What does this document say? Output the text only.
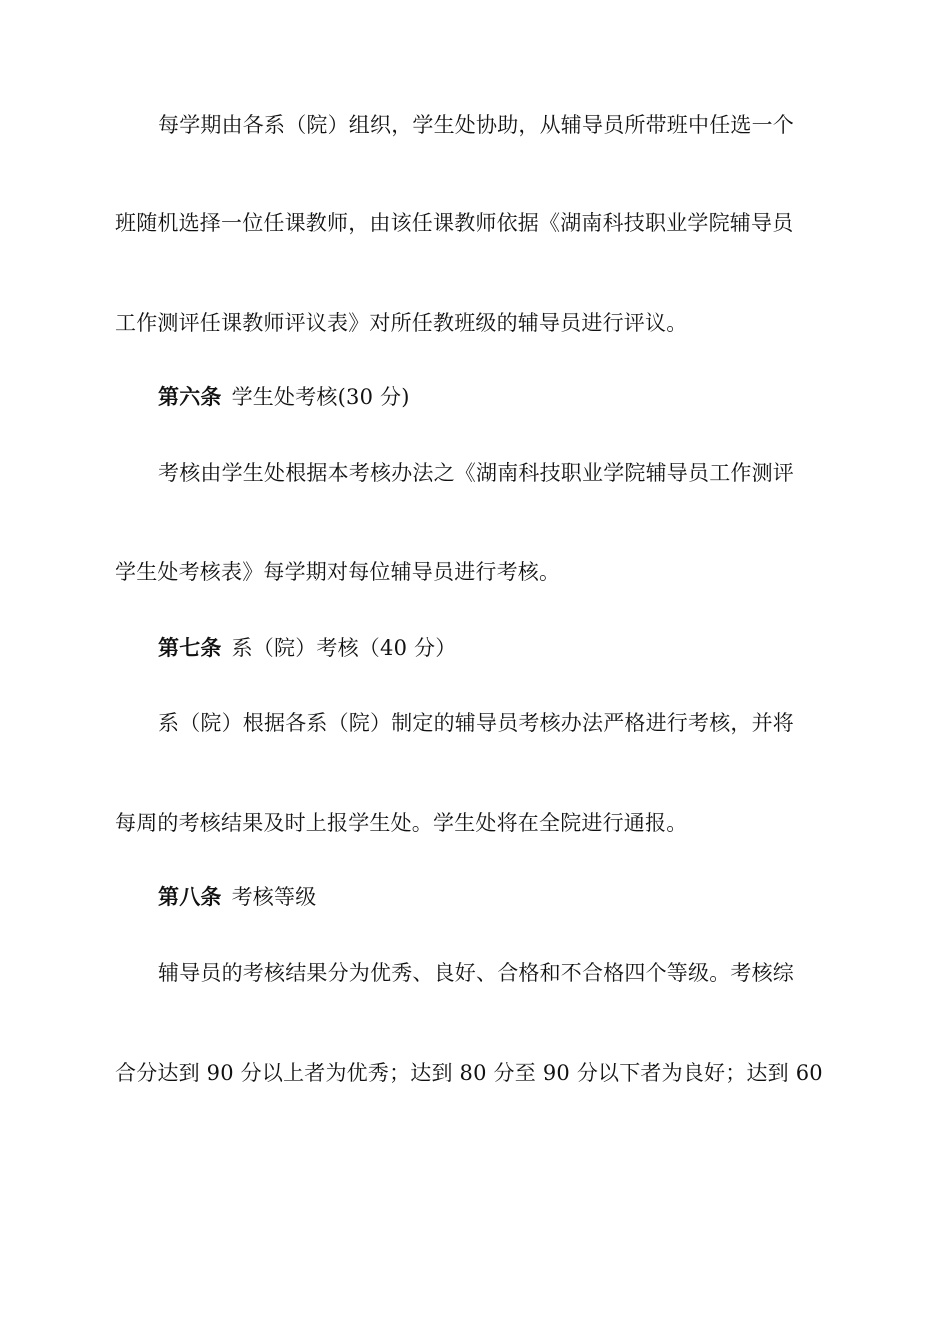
每学期由各系（院）组织，学生处协助，从辅导员所带班中任选一个
班随机选择一位任课教师，由该任课教师依据《湖南科技职业学院辅导员
工作测评任课教师评议表》对所任教班级的辅导员进行评议。
第六条 学生处考核(30 分)
考核由学生处根据本考核办法之《湖南科技职业学院辅导员工作测评
学生处考核表》每学期对每位辅导员进行考核。
第七条 系（院）考核（40 分）
系（院）根据各系（院）制定的辅导员考核办法严格进行考核，并将
每周的考核结果及时上报学生处。学生处将在全院进行通报。
第八条 考核等级
辅导员的考核结果分为优秀、良好、合格和不合格四个等级。考核综
合分达到 90 分以上者为优秀；达到 80 分至 90 分以下者为良好；达到 60
